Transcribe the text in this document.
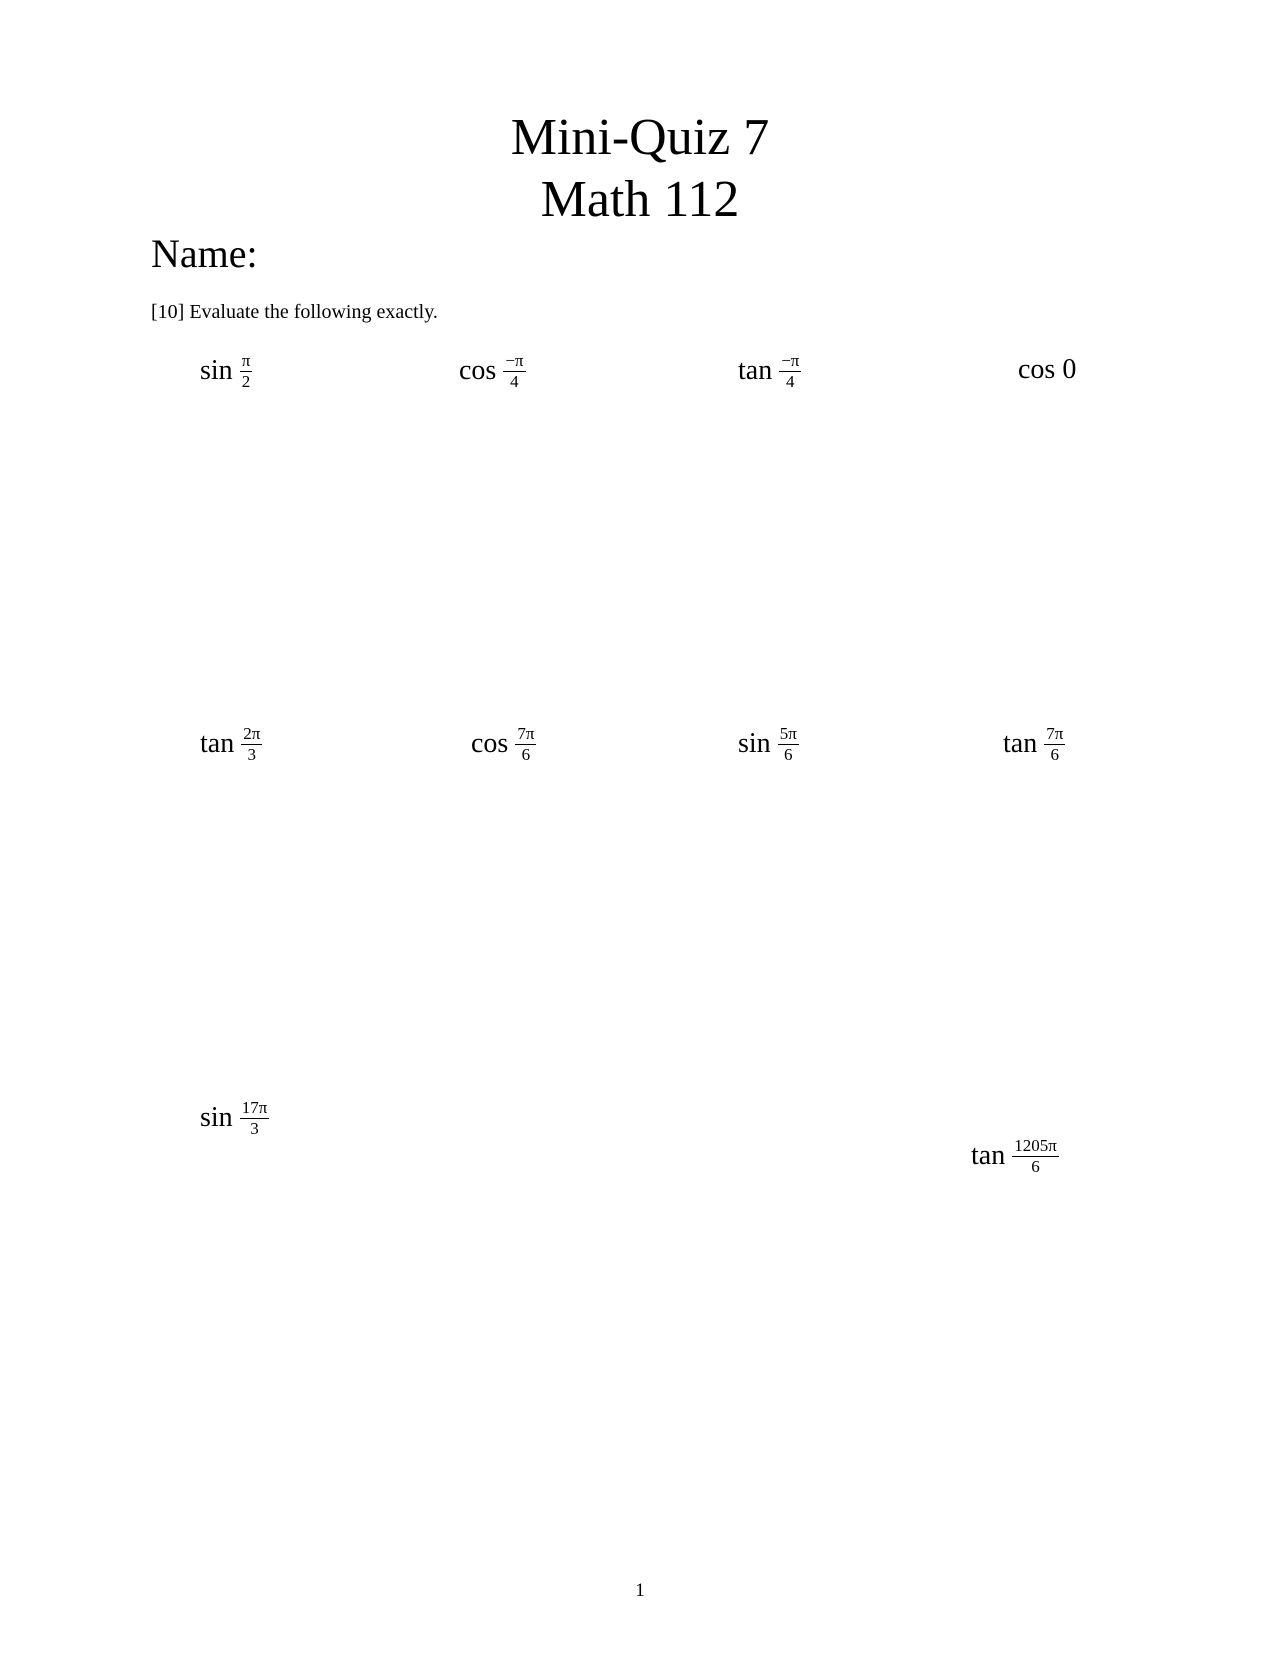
Mini-Quiz 7
Math 112
Name:
[10] Evaluate the following exactly.
$\sin \frac{\pi}{2}$	$\cos \frac{-\pi}{4}$	$\tan \frac{-\pi}{4}$	cos 0
$\tan \frac{2\pi}{3}$	$\cos \frac{7\pi}{6}$	$\sin \frac{5\pi}{6}$	$\tan \frac{7\pi}{6}$
$\sin \frac{17\pi}{3}$
$\tan \frac{1205\pi}{6}$
1
